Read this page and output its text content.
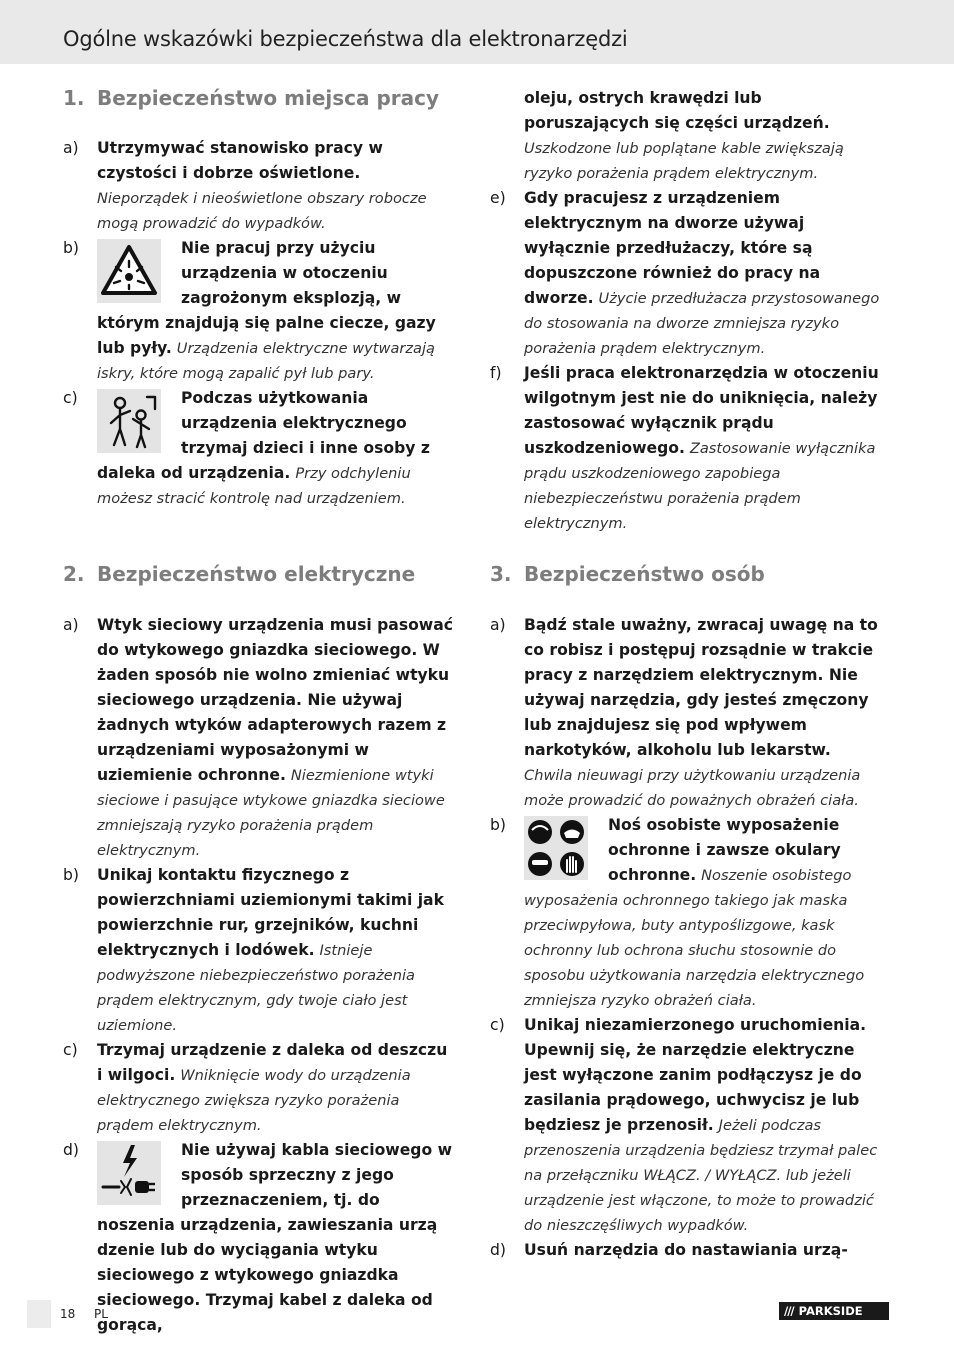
Ogólne wskazówki bezpieczeństwa dla elektronarzędzi
1. Bezpieczeństwo miejsca pracy
a) Utrzymywać stanowisko pracy w czystości i dobrze oświetlone. Nieporządek i nieoświetlone obszary robocze mogą prowadzić do wypadków.
b)	Nie pracuj przy użyciu urządzenia w otoczeniu zagrożonym eksplozją, w którym znajdują się palne ciecze, gazy lub pyły. Urządzenia elektryczne wytwarzają iskry, które mogą zapalić pył lub pary.
c)	Podczas użytkowania urządzenia elektrycznego trzymaj dzieci i inne osoby z daleka od urządzenia. Przy odchyleniu możesz stracić kontrolę nad urządzeniem.
2. Bezpieczeństwo elektryczne
a) Wtyk sieciowy urządzenia musi pasować do wtykowego gniazdka sieciowego. W żaden sposób nie wolno zmieniać wtyku sieciowego urządzenia. Nie używaj żadnych wtyków adapterowych razem z urządzeniami wyposażonymi w uziemienie ochronne. Niezmienione wtyki sieciowe i pasujące wtykowe gniazdka sieciowe zmniejszają ryzyko porażenia prądem elektrycznym.
b) Unikaj kontaktu fizycznego z powierzchniami uziemionymi takimi jak powierzchnie rur, grzejników, kuchni elektrycznych i lodówek. Istnieje podwyższone niebezpieczeństwo porażenia prądem elektrycznym, gdy twoje ciało jest uziemione.
c) Trzymaj urządzenie z daleka od deszczu i wilgoci. Wniknięcie wody do urządzenia elektrycznego zwiększa ryzyko porażenia prądem elektrycznym.
d)	Nie używaj kabla sieciowego w sposób sprzeczny z jego przeznaczeniem, tj. do noszenia urządzenia, zawieszania urzą dzenie lub do wyciągania wtyku sieciowego z wtykowego gniazdka sieciowego. Trzymaj kabel z daleka od gorąca,
oleju, ostrych krawędzi lub poruszających się części urządzeń. Uszkodzone lub poplątane kable zwiększają ryzyko porażenia prądem elektrycznym.
e) Gdy pracujesz z urządzeniem elektrycznym na dworze używaj wyłącznie przedłużaczy, które są dopuszczone również do pracy na dworze. Użycie przedłużacza przystosowanego do stosowania na dworze zmniejsza ryzyko porażenia prądem elektrycznym.
f) Jeśli praca elektronarzędzia w otoczeniu wilgotnym jest nie do uniknięcia, należy zastosować wyłącznik prądu uszkodzeniowego. Zastosowanie wyłącznika prądu uszkodzeniowego zapobiega niebezpieczeństwu porażenia prądem elektrycznym.
3. Bezpieczeństwo osób
a) Bądź stale uważny, zwracaj uwagę na to co robisz i postępuj rozsądnie w trakcie pracy z narzędziem elektrycznym. Nie używaj narzędzia, gdy jesteś zmęczony lub znajdujesz się pod wpływem narkotyków, alkoholu lub lekarstw. Chwila nieuwagi przy użytkowaniu urządzenia może prowadzić do poważnych obrażeń ciała.
b)	Noś osobiste wyposażenie ochronne i zawsze okulary ochronne. Noszenie osobistego wyposażenia ochronnego takiego jak maska przeciwpyłowa, buty antypoślizgowe, kask ochronny lub ochrona słuchu stosownie do sposobu użytkowania narzędzia elektrycznego zmniejsza ryzyko obrażeń ciała.
c) Unikaj niezamierzonego uruchomienia. Upewnij się, że narzędzie elektryczne jest wyłączone zanim podłączysz je do zasilania prądowego, uchwycisz je lub będziesz je przenosił. Jeżeli podczas przenoszenia urządzenia będziesz trzymał palec na przełączniku WŁĄCZ. / WYŁĄCZ. lub jeżeli urządzenie jest włączone, to może to prowadzić do nieszczęśliwych wypadków.
d) Usuń narzędzia do nastawiania urzą-
18 PL	/// PARKSIDE
